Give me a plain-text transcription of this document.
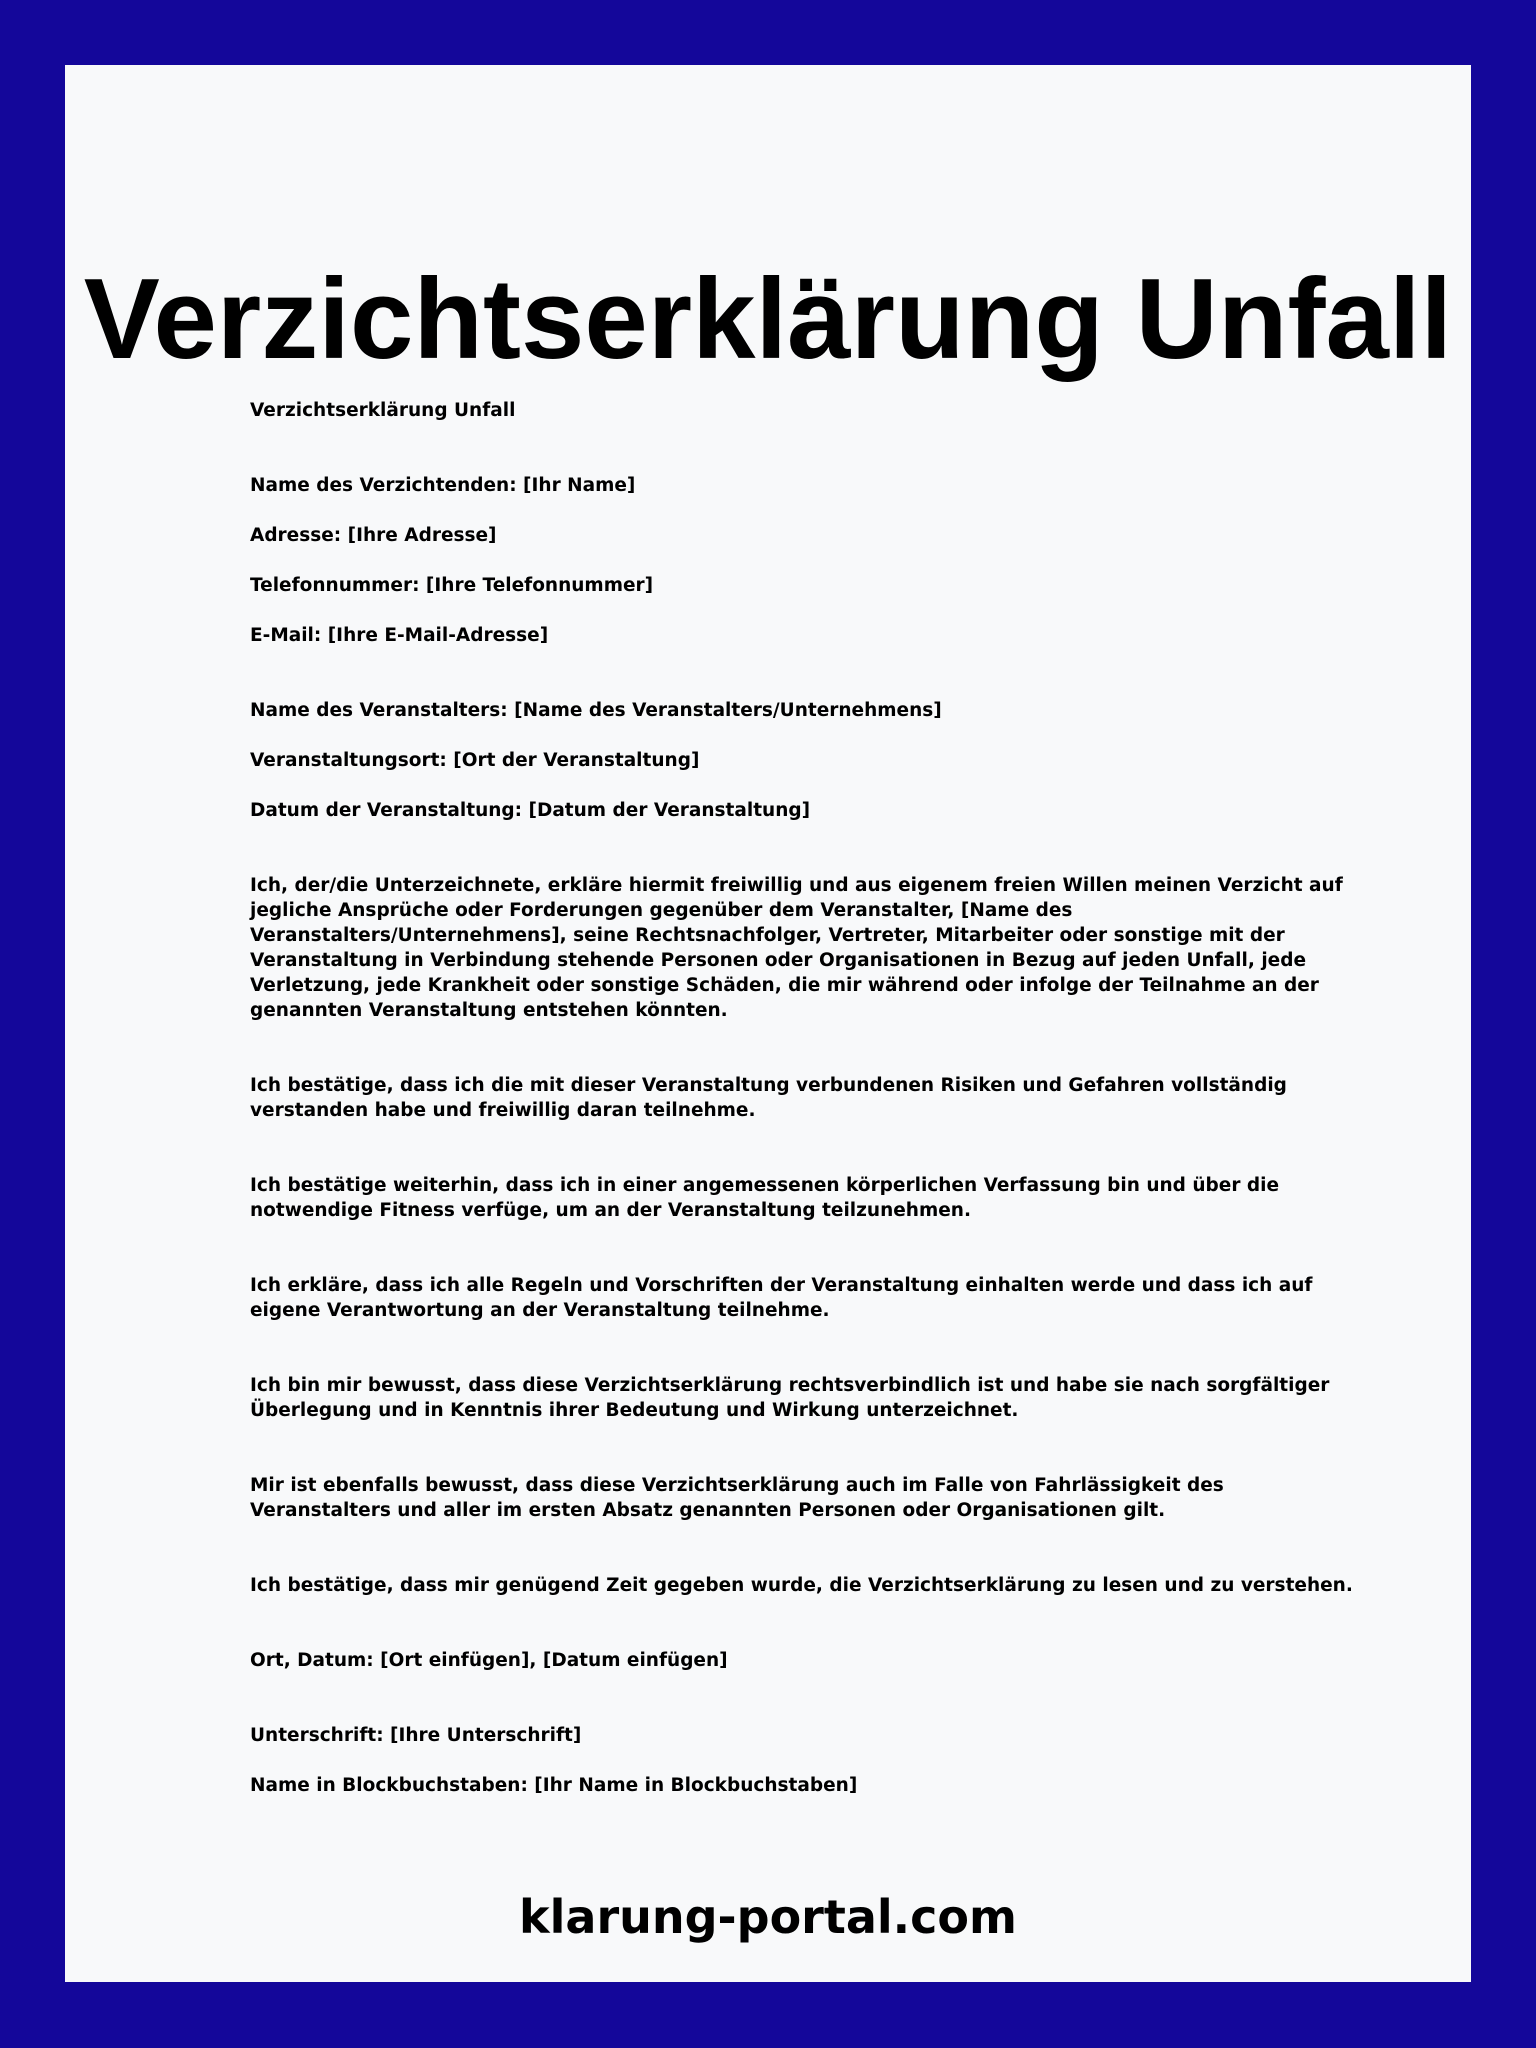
Verzichtserklärung Unfall

Verzichtserklärung Unfall

Name des Verzichtenden: [Ihr Name]

Adresse: [Ihre Adresse]

Telefonnummer: [Ihre Telefonnummer]

E-Mail: [Ihre E-Mail-Adresse]

Name des Veranstalters: [Name des Veranstalters/Unternehmens]

Veranstaltungsort: [Ort der Veranstaltung]

Datum der Veranstaltung: [Datum der Veranstaltung]

Ich, der/die Unterzeichnete, erkläre hiermit freiwillig und aus eigenem freien Willen meinen Verzicht auf jegliche Ansprüche oder Forderungen gegenüber dem Veranstalter, [Name des Veranstalters/Unternehmens], seine Rechtsnachfolger, Vertreter, Mitarbeiter oder sonstige mit der Veranstaltung in Verbindung stehende Personen oder Organisationen in Bezug auf jeden Unfall, jede Verletzung, jede Krankheit oder sonstige Schäden, die mir während oder infolge der Teilnahme an der genannten Veranstaltung entstehen könnten.

Ich bestätige, dass ich die mit dieser Veranstaltung verbundenen Risiken und Gefahren vollständig verstanden habe und freiwillig daran teilnehme.

Ich bestätige weiterhin, dass ich in einer angemessenen körperlichen Verfassung bin und über die notwendige Fitness verfüge, um an der Veranstaltung teilzunehmen.

Ich erkläre, dass ich alle Regeln und Vorschriften der Veranstaltung einhalten werde und dass ich auf eigene Verantwortung an der Veranstaltung teilnehme.

Ich bin mir bewusst, dass diese Verzichtserklärung rechtsverbindlich ist und habe sie nach sorgfältiger Überlegung und in Kenntnis ihrer Bedeutung und Wirkung unterzeichnet.

Mir ist ebenfalls bewusst, dass diese Verzichtserklärung auch im Falle von Fahrlässigkeit des Veranstalters und aller im ersten Absatz genannten Personen oder Organisationen gilt.

Ich bestätige, dass mir genügend Zeit gegeben wurde, die Verzichtserklärung zu lesen und zu verstehen.

Ort, Datum: [Ort einfügen], [Datum einfügen]

Unterschrift: [Ihre Unterschrift]

Name in Blockbuchstaben: [Ihr Name in Blockbuchstaben]

klarung-portal.com
